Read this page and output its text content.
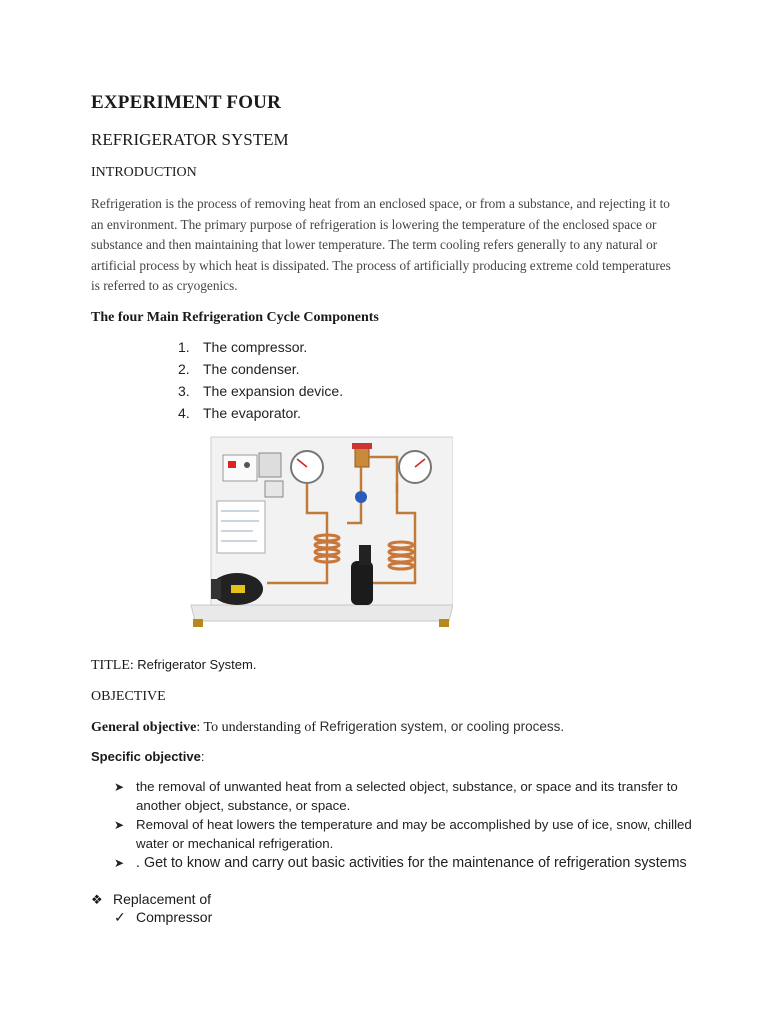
EXPERIMENT FOUR
REFRIGERATOR SYSTEM
INTRODUCTION

Refrigeration is the process of removing heat from an enclosed space, or from a substance, and rejecting it to an environment. The primary purpose of refrigeration is lowering the temperature of the enclosed space or substance and then maintaining that lower temperature. The term cooling refers generally to any natural or artificial process by which heat is dissipated. The process of artificially producing extreme cold temperatures is referred to as cryogenics.

The four Main Refrigeration Cycle Components
1. The compressor.
2. The condenser.
3. The expansion device.
4. The evaporator.
TITLE: Refrigerator System.
OBJECTIVE
General objective: To understanding of Refrigeration system, or cooling process.
Specific objective:
➤ the removal of unwanted heat from a selected object, substance, or space and its transfer to another object, substance, or space.
➤ Removal of heat lowers the temperature and may be accomplished by use of ice, snow, chilled water or mechanical refrigeration.
➤ . Get to know and carry out basic activities for the maintenance of refrigeration systems
❖ Replacement of
✓ Compressor
